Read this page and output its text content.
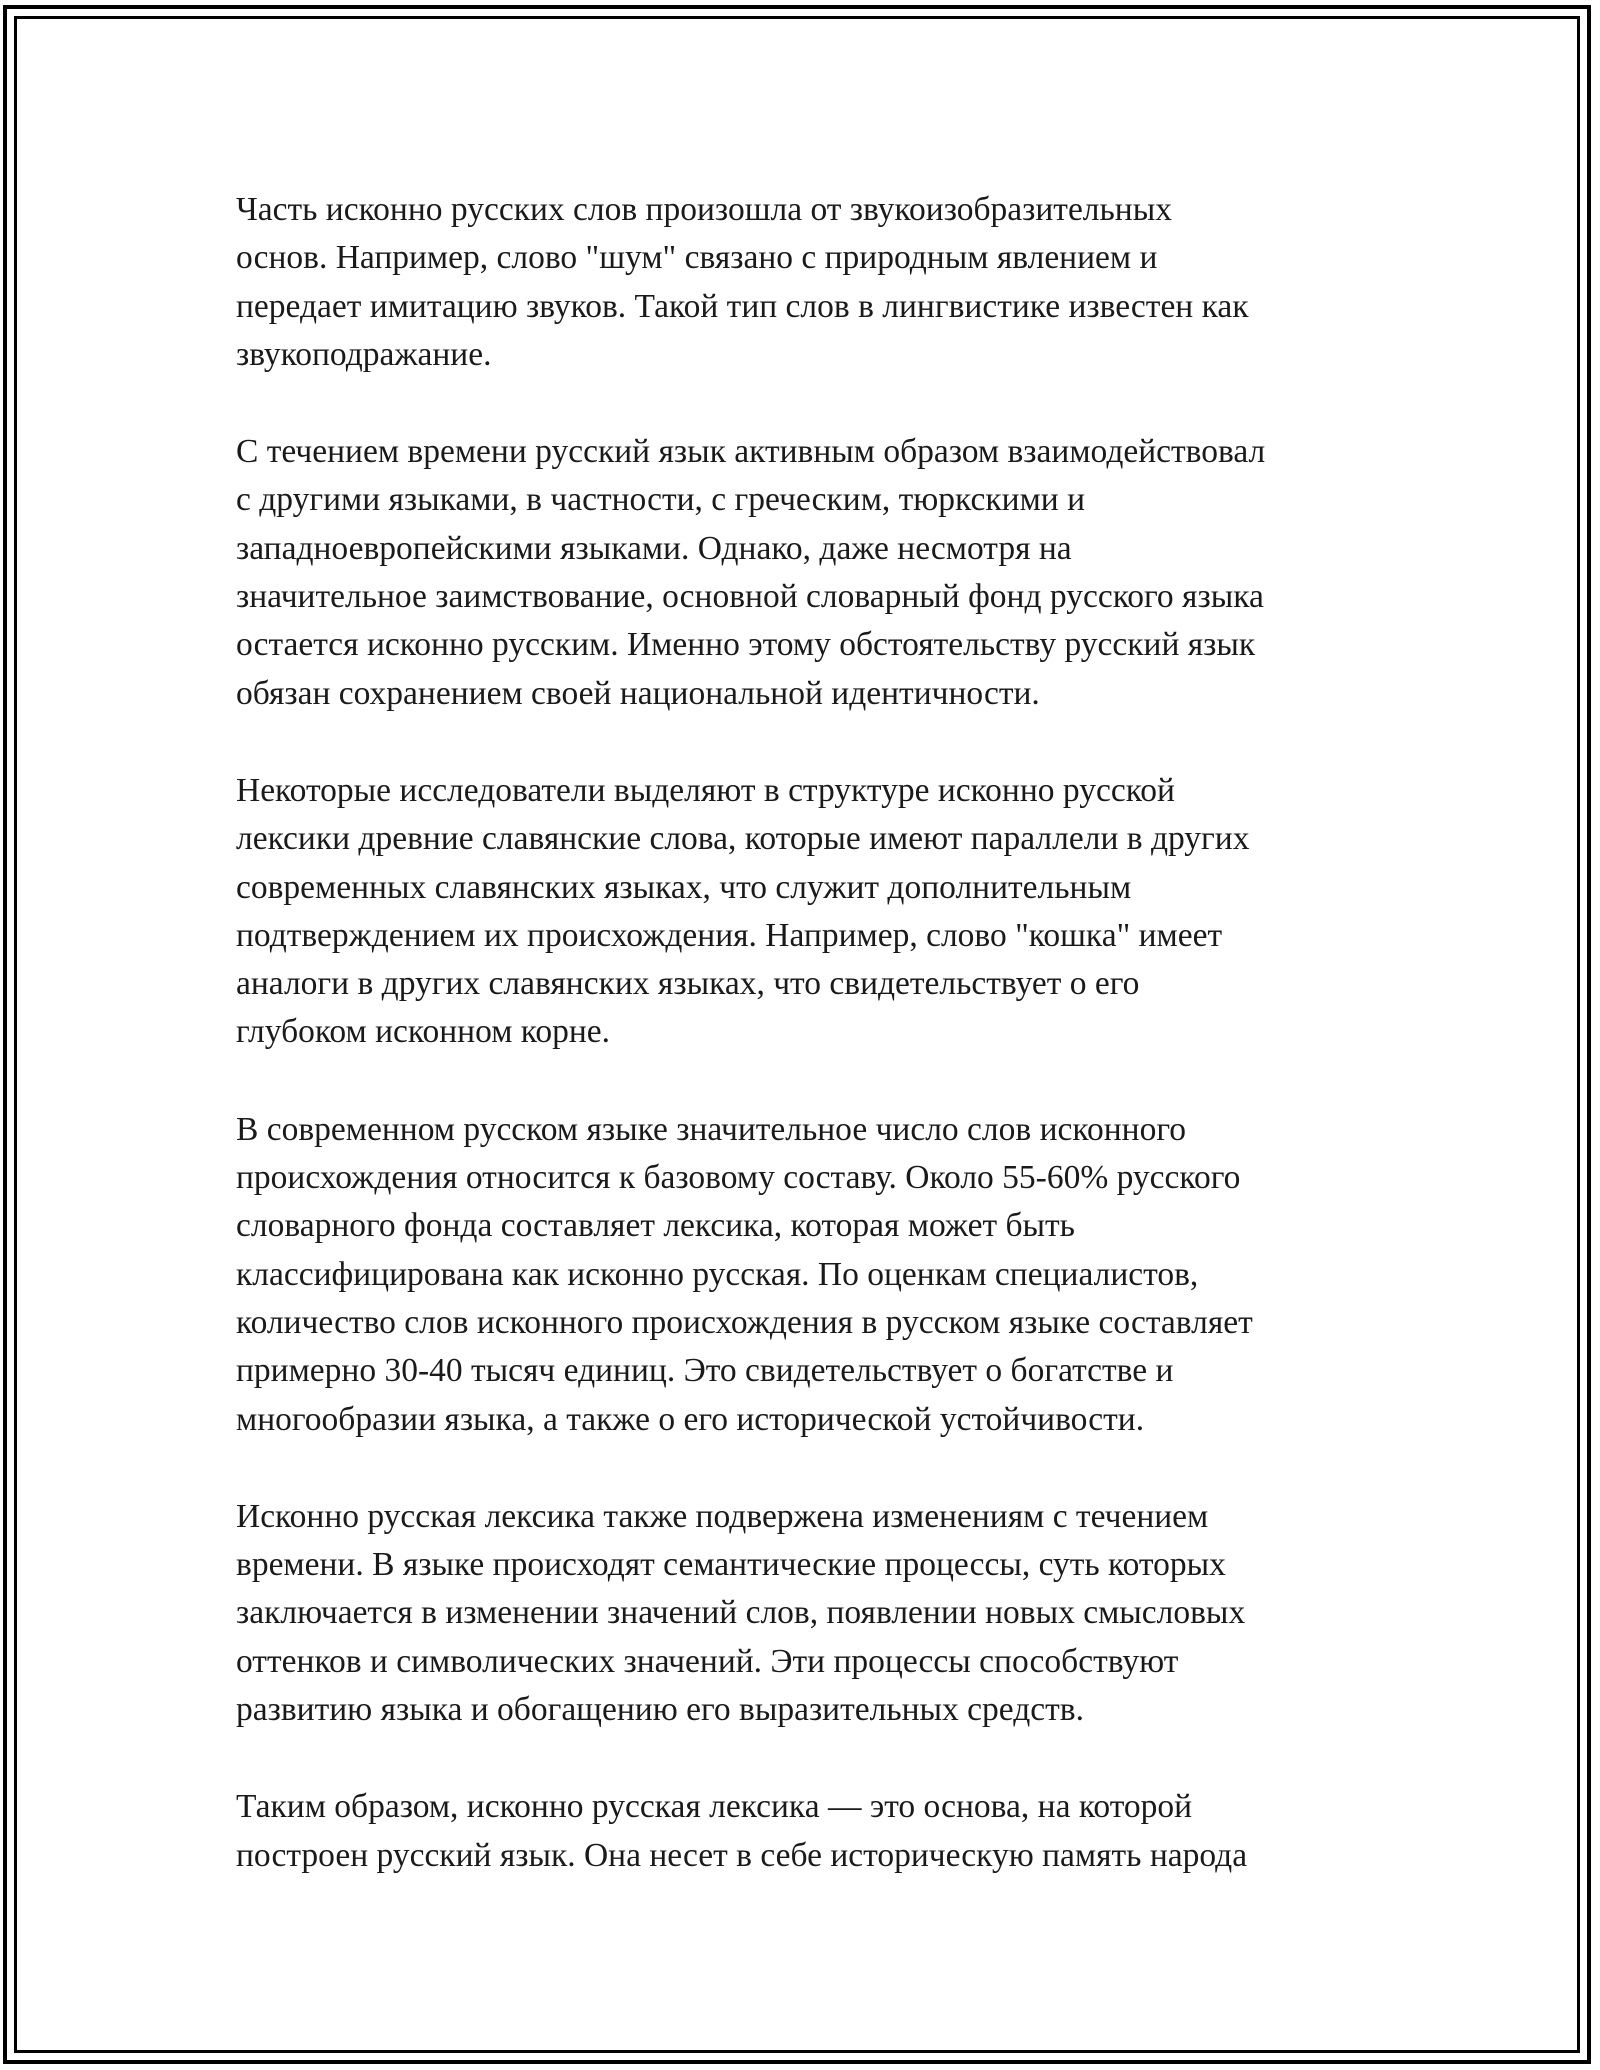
Часть исконно русских слов произошла от звукоизобразительных
основ. Например, слово "шум" связано с природным явлением и
передает имитацию звуков. Такой тип слов в лингвистике известен как
звукоподражание.

С течением времени русский язык активным образом взаимодействовал
с другими языками, в частности, с греческим, тюркскими и
западноевропейскими языками. Однако, даже несмотря на
значительное заимствование, основной словарный фонд русского языка
остается исконно русским. Именно этому обстоятельству русский язык
обязан сохранением своей национальной идентичности.

Некоторые исследователи выделяют в структуре исконно русской
лексики древние славянские слова, которые имеют параллели в других
современных славянских языках, что служит дополнительным
подтверждением их происхождения. Например, слово "кошка" имеет
аналоги в других славянских языках, что свидетельствует о его
глубоком исконном корне.

В современном русском языке значительное число слов исконного
происхождения относится к базовому составу. Около 55-60% русского
словарного фонда составляет лексика, которая может быть
классифицирована как исконно русская. По оценкам специалистов,
количество слов исконного происхождения в русском языке составляет
примерно 30-40 тысяч единиц. Это свидетельствует о богатстве и
многообразии языка, а также о его исторической устойчивости.

Исконно русская лексика также подвержена изменениям с течением
времени. В языке происходят семантические процессы, суть которых
заключается в изменении значений слов, появлении новых смысловых
оттенков и символических значений. Эти процессы способствуют
развитию языка и обогащению его выразительных средств.

Таким образом, исконно русская лексика — это основа, на которой
построен русский язык. Она несет в себе историческую память народа
